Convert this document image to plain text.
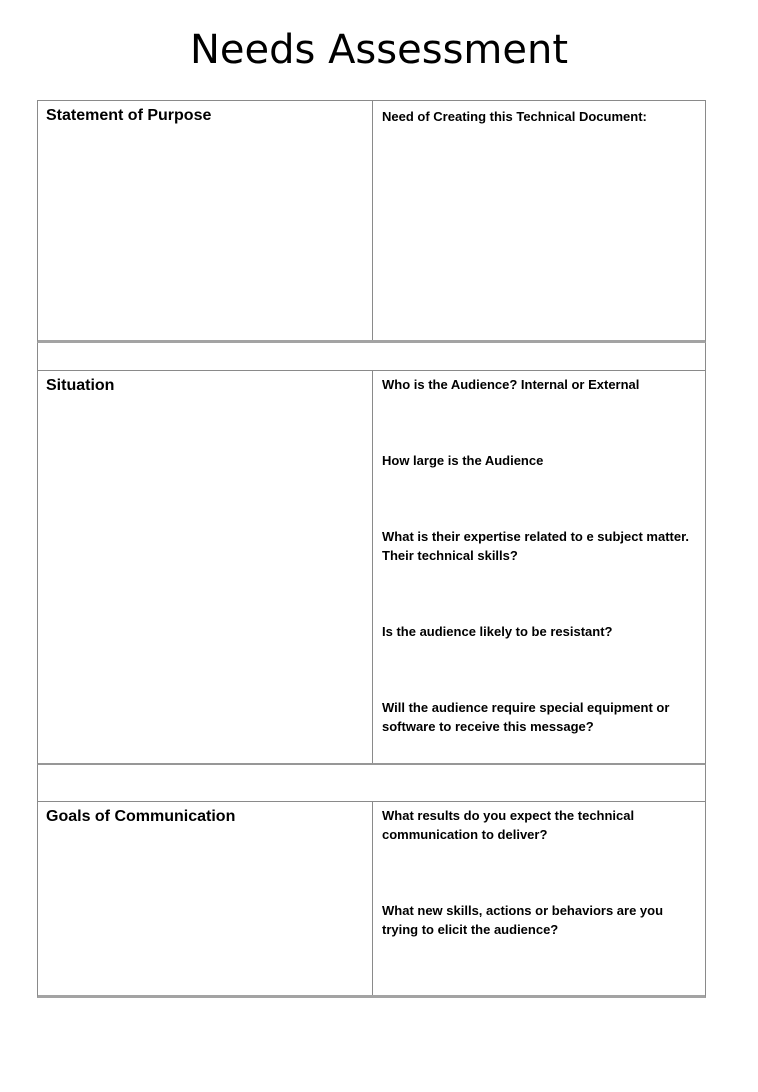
Needs Assessment
Statement of Purpose	Need of Creating this Technical Document:

Situation	Who is the Audience? Internal or External

How large is the Audience

What is their expertise related to e subject matter. Their technical skills?

Is the audience likely to be resistant?

Will the audience require special equipment or software to receive this message?

Goals of Communication	What results do you expect the technical communication to deliver?

What new skills, actions or behaviors are you trying to elicit the audience?
